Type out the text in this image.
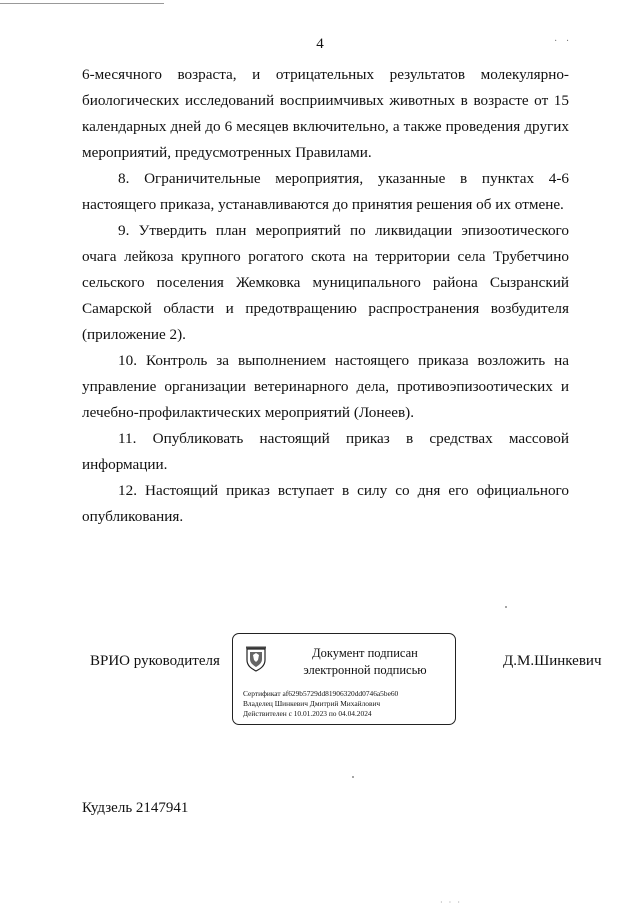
4	· ·

6-месячного возраста, и отрицательных результатов молекулярно-биологических исследований восприимчивых животных в возрасте от 15 календарных дней до 6 месяцев включительно, а также проведения других мероприятий, предусмотренных Правилами.

8. Ограничительные мероприятия, указанные в пунктах 4-6 настоящего приказа, устанавливаются до принятия решения об их отмене.

9. Утвердить план мероприятий по ликвидации эпизоотического очага лейкоза крупного рогатого скота на территории села Трубетчино сельского поселения Жемковка муниципального района Сызранский Самарской области и предотвращению распространения возбудителя (приложение 2).

10. Контроль за выполнением настоящего приказа возложить на управление организации ветеринарного дела, противоэпизоотических и лечебно-профилактических мероприятий (Лонеев).

11. Опубликовать настоящий приказ в средствах массовой информации.

12. Настоящий приказ вступает в силу со дня его официального опубликования.

ВРИО руководителя	Документ подписан
электронной подписью
Сертификат af629b5729dd81906320dd0746a5be60
Владелец Шинкевич Дмитрий Михайлович
Действителен с 10.01.2023 по 04.04.2024
Д.М.Шинкевич
Кудзель 2147941
· · ·
